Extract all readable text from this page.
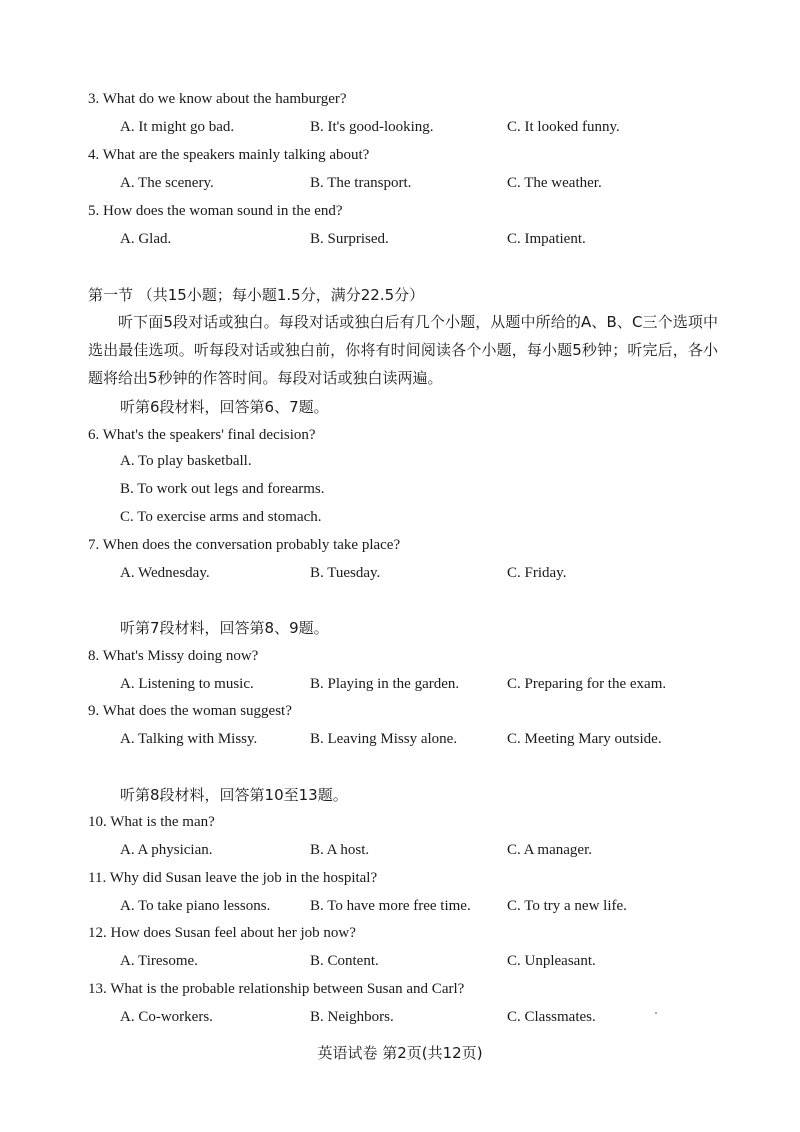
3. What do we know about the hamburger?
A. It might go bad.	B. It's good-looking.	C. It looked funny.
4. What are the speakers mainly talking about?
A. The scenery.	B. The transport.	C. The weather.
5. How does the woman sound in the end?
A. Glad.	B. Surprised.	C. Impatient.
第一节 （共15小题；每小题1.5分，满分22.5分）
听下面5段对话或独白。每段对话或独白后有几个小题，从题中所给的A、B、C三个选项中选出最佳选项。听每段对话或独白前，你将有时间阅读各个小题，每小题5秒钟；听完后，各小题将给出5秒钟的作答时间。每段对话或独白读两遍。
听第6段材料，回答第6、7题。
6. What's the speakers' final decision?
A. To play basketball.
B. To work out legs and forearms.
C. To exercise arms and stomach.
7. When does the conversation probably take place?
A. Wednesday.	B. Tuesday.	C. Friday.
听第7段材料，回答第8、9题。
8. What's Missy doing now?
A. Listening to music.	B. Playing in the garden.	C. Preparing for the exam.
9. What does the woman suggest?
A. Talking with Missy.	B. Leaving Missy alone.	C. Meeting Mary outside.
听第8段材料，回答第10至13题。
10. What is the man?
A. A physician.	B. A host.	C. A manager.
11. Why did Susan leave the job in the hospital?
A. To take piano lessons.	B. To have more free time. C. To try a new life.
12. How does Susan feel about her job now?
A. Tiresome.	B. Content.	C. Unpleasant.
13. What is the probable relationship between Susan and Carl?
A. Co-workers.	B. Neighbors.	C. Classmates.
英语试卷 第2页(共12页)
